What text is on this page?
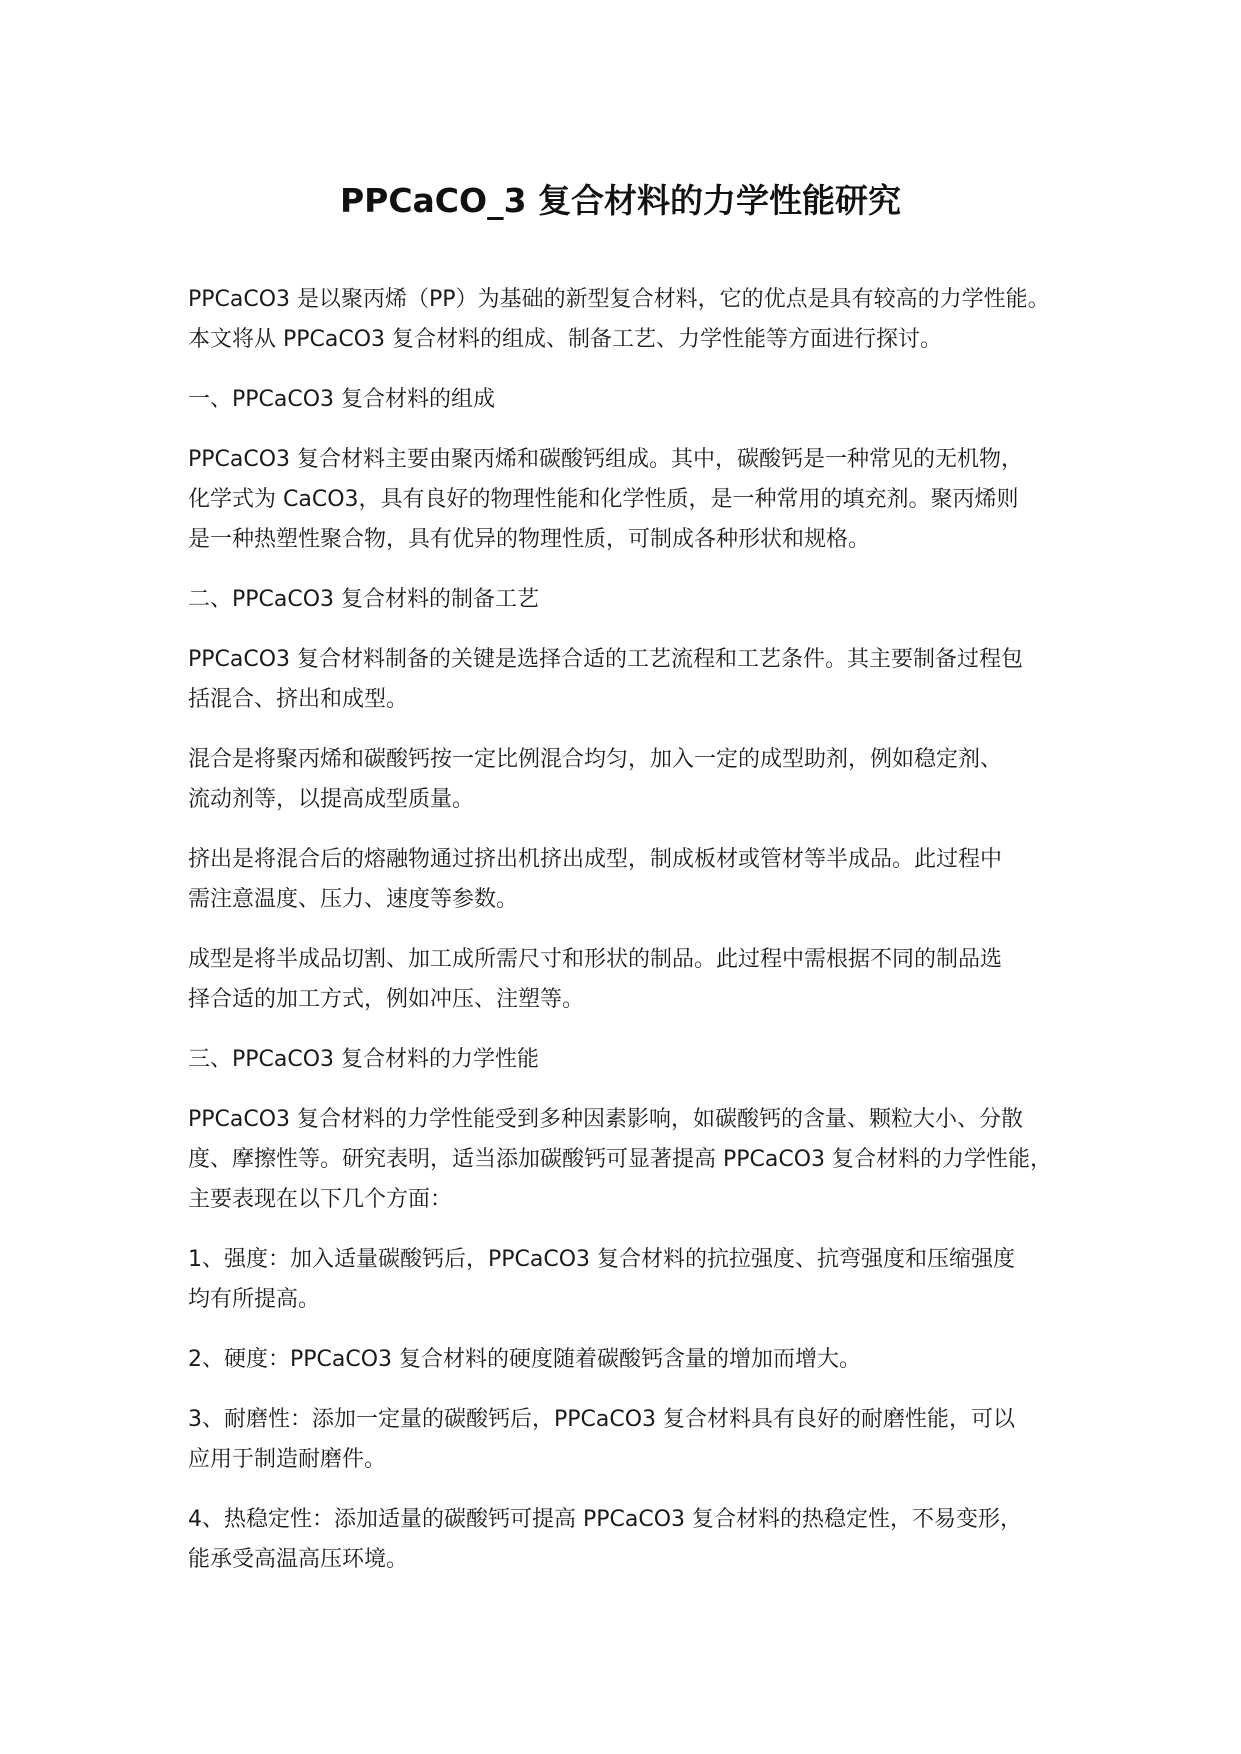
PPCaCO_3 复合材料的力学性能研究

PPCaCO3 是以聚丙烯（PP）为基础的新型复合材料，它的优点是具有较高的力学性能。
本文将从 PPCaCO3 复合材料的组成、制备工艺、力学性能等方面进行探讨。

一、PPCaCO3 复合材料的组成

PPCaCO3 复合材料主要由聚丙烯和碳酸钙组成。其中，碳酸钙是一种常见的无机物，
化学式为 CaCO3，具有良好的物理性能和化学性质，是一种常用的填充剂。聚丙烯则
是一种热塑性聚合物，具有优异的物理性质，可制成各种形状和规格。

二、PPCaCO3 复合材料的制备工艺

PPCaCO3 复合材料制备的关键是选择合适的工艺流程和工艺条件。其主要制备过程包
括混合、挤出和成型。

混合是将聚丙烯和碳酸钙按一定比例混合均匀，加入一定的成型助剂，例如稳定剂、
流动剂等，以提高成型质量。

挤出是将混合后的熔融物通过挤出机挤出成型，制成板材或管材等半成品。此过程中
需注意温度、压力、速度等参数。

成型是将半成品切割、加工成所需尺寸和形状的制品。此过程中需根据不同的制品选
择合适的加工方式，例如冲压、注塑等。

三、PPCaCO3 复合材料的力学性能

PPCaCO3 复合材料的力学性能受到多种因素影响，如碳酸钙的含量、颗粒大小、分散
度、摩擦性等。研究表明，适当添加碳酸钙可显著提高 PPCaCO3 复合材料的力学性能，
主要表现在以下几个方面：

1、强度：加入适量碳酸钙后，PPCaCO3 复合材料的抗拉强度、抗弯强度和压缩强度
均有所提高。

2、硬度：PPCaCO3 复合材料的硬度随着碳酸钙含量的增加而增大。

3、耐磨性：添加一定量的碳酸钙后，PPCaCO3 复合材料具有良好的耐磨性能，可以
应用于制造耐磨件。

4、热稳定性：添加适量的碳酸钙可提高 PPCaCO3 复合材料的热稳定性，不易变形，
能承受高温高压环境。
